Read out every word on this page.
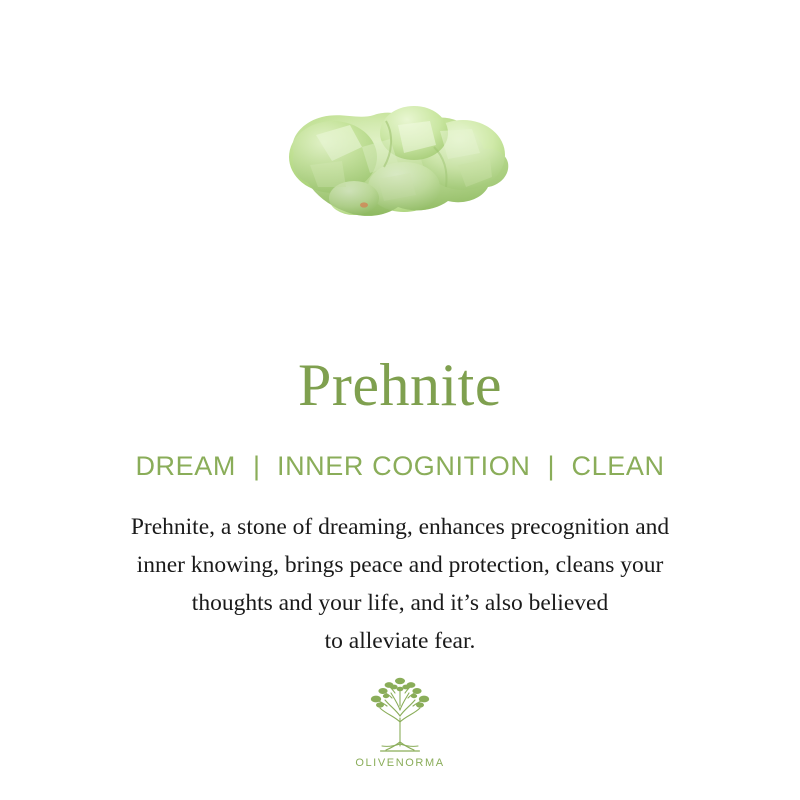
Prehnite
DREAM | INNER COGNITION | CLEAN

Prehnite, a stone of dreaming, enhances precognition and
inner knowing, brings peace and protection, cleans your
thoughts and your life, and it’s also believed
to alleviate fear.

OLIVENORMA
